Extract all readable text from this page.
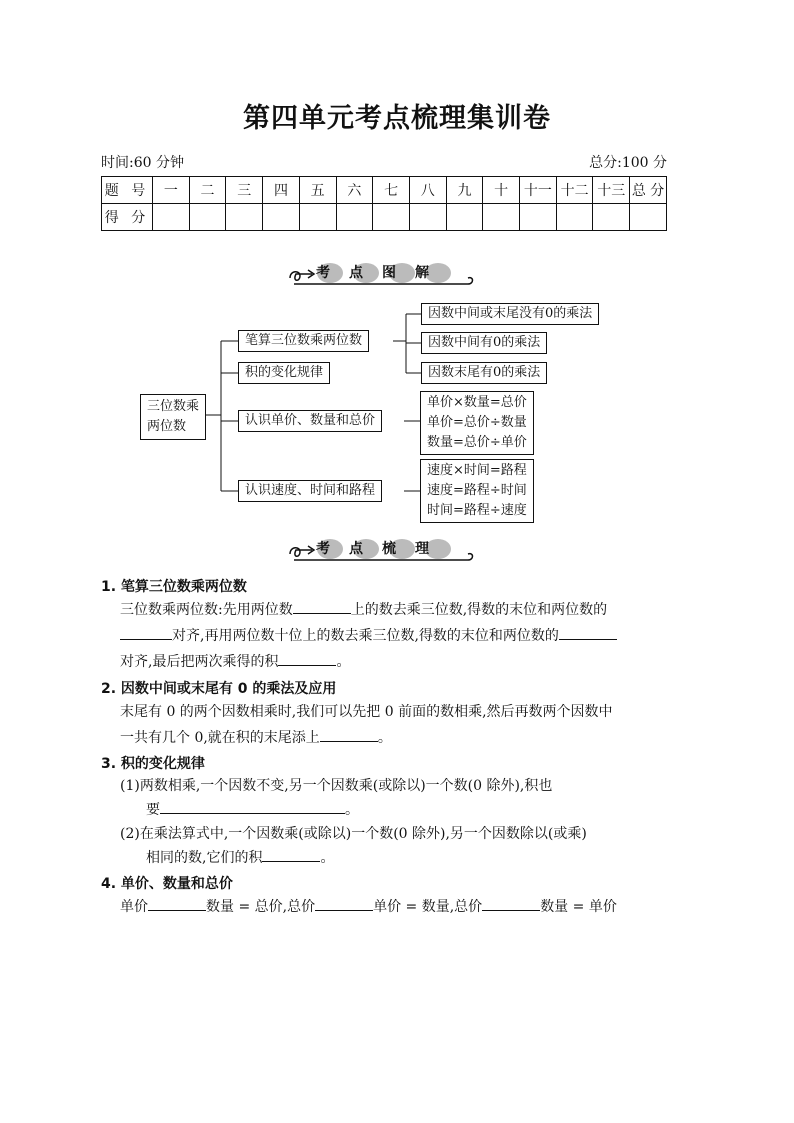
第四单元考点梳理集训卷
时间:60 分钟	总分:100 分
题 号	一	二	三	四	五	六	七	八	九	十	十一	十二	十三	总 分
得 分														
考点图解
三位数乘
两位数
笔算三位数乘两位数
积的变化规律
认识单价、数量和总价
认识速度、时间和路程
因数中间或末尾没有0的乘法
因数中间有0的乘法
因数末尾有0的乘法
单价×数量=总价
单价=总价÷数量
数量=总价÷单价
速度×时间=路程
速度=路程÷时间
时间=路程÷速度
考点梳理
1. 笔算三位数乘两位数
三位数乘两位数:先用两位数	上的数去乘三位数,得数的末位和两位数的
对齐,再用两位数十位上的数去乘三位数,得数的末位和两位数的
对齐,最后把两次乘得的积	。
2. 因数中间或末尾有 0 的乘法及应用
末尾有 0 的两个因数相乘时,我们可以先把 0 前面的数相乘,然后再数两个因数中
一共有几个 0,就在积的末尾添上	。
3. 积的变化规律
(1)两数相乘,一个因数不变,另一个因数乘(或除以)一个数(0 除外),积也
要	。
(2)在乘法算式中,一个因数乘(或除以)一个数(0 除外),另一个因数除以(或乘)
相同的数,它们的积	。
4. 单价、数量和总价
单价	数量 = 总价,总价	单价 = 数量,总价	数量 = 单价
